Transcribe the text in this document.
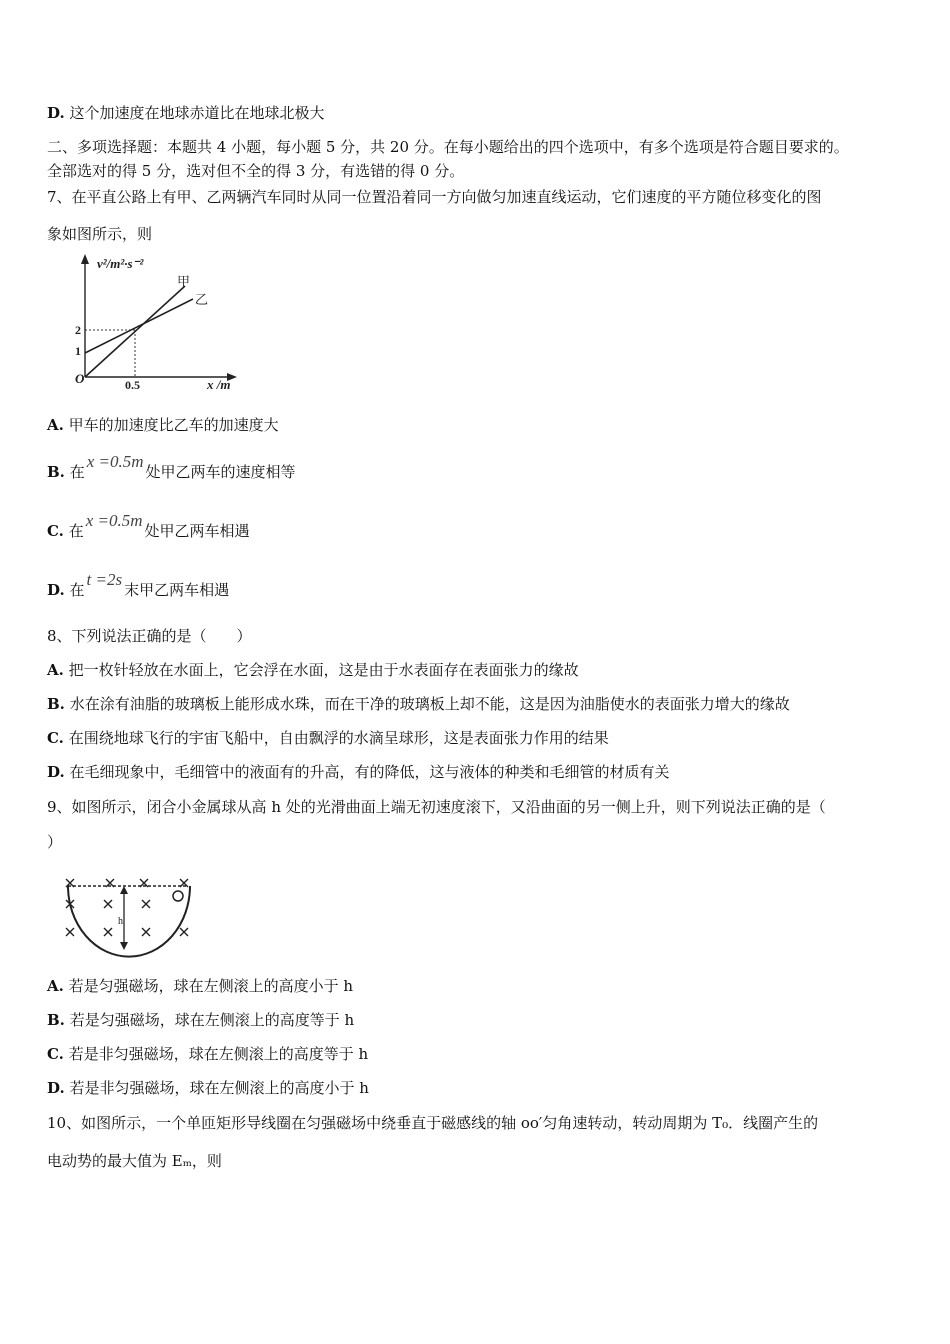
D. 这个加速度在地球赤道比在地球北极大
二、多项选择题：本题共 4 小题，每小题 5 分，共 20 分。在每小题给出的四个选项中，有多个选项是符合题目要求的。
全部选对的得 5 分，选对但不全的得 3 分，有选错的得 0 分。
7、在平直公路上有甲、乙两辆汽车同时从同一位置沿着同一方向做匀加速直线运动，它们速度的平方随位移变化的图
象如图所示，则
v²/m²·s⁻²
甲
乙
2
1
O	0.5	x /m
A. 甲车的加速度比乙车的加速度大
B. 在x =0.5m处甲乙两车的速度相等
C. 在x =0.5m处甲乙两车相遇
D. 在t =2s末甲乙两车相遇
8、下列说法正确的是（　　）
A. 把一枚针轻放在水面上，它会浮在水面，这是由于水表面存在表面张力的缘故
B. 水在涂有油脂的玻璃板上能形成水珠，而在干净的玻璃板上却不能，这是因为油脂使水的表面张力增大的缘故
C. 在围绕地球飞行的宇宙飞船中，自由飘浮的水滴呈球形，这是表面张力作用的结果
D. 在毛细现象中，毛细管中的液面有的升高，有的降低，这与液体的种类和毛细管的材质有关
9、如图所示，闭合小金属球从高 h 处的光滑曲面上端无初速度滚下，又沿曲面的另一侧上升，则下列说法正确的是（
）
h
A. 若是匀强磁场，球在左侧滚上的高度小于 h
B. 若是匀强磁场，球在左侧滚上的高度等于 h
C. 若是非匀强磁场，球在左侧滚上的高度等于 h
D. 若是非匀强磁场，球在左侧滚上的高度小于 h
10、如图所示，一个单匝矩形导线圈在匀强磁场中绕垂直于磁感线的轴 oo′匀角速转动，转动周期为 T₀．线圈产生的
电动势的最大值为 Eₘ，则
